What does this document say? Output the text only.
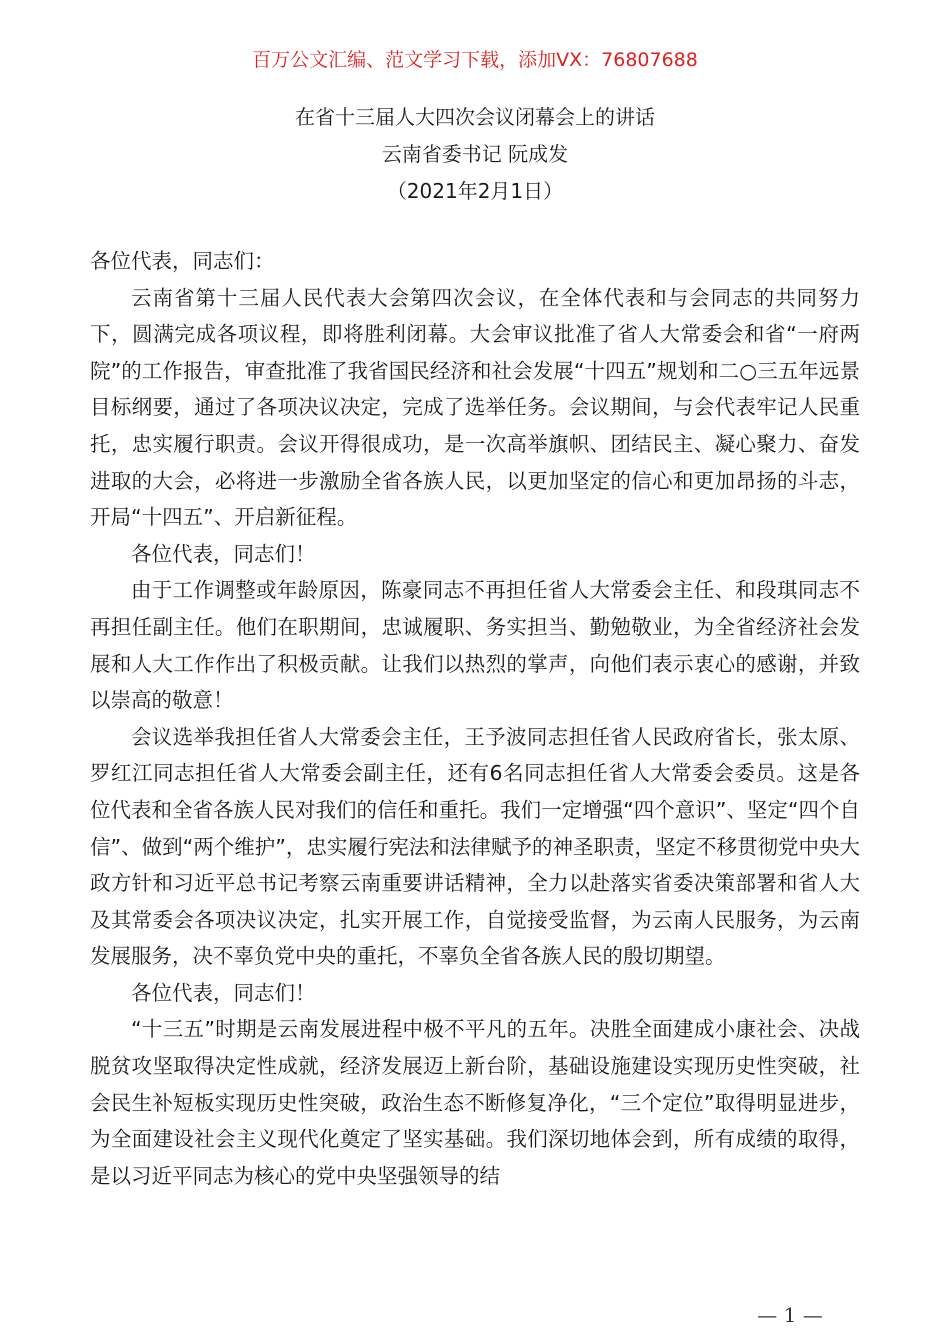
百万公文汇编、范文学习下载，添加VX：76807688
在省十三届人大四次会议闭幕会上的讲话
云南省委书记 阮成发
（2021年2月1日）

各位代表，同志们：

云南省第十三届人民代表大会第四次会议，在全体代表和与会同志的共同努力下，圆满完成各项议程，即将胜利闭幕。大会审议批准了省人大常委会和省“一府两院”的工作报告，审查批准了我省国民经济和社会发展“十四五”规划和二○三五年远景目标纲要，通过了各项决议决定，完成了选举任务。会议期间，与会代表牢记人民重托，忠实履行职责。会议开得很成功，是一次高举旗帜、团结民主、凝心聚力、奋发进取的大会，必将进一步激励全省各族人民，以更加坚定的信心和更加昂扬的斗志，开局“十四五”、开启新征程。

各位代表，同志们！

由于工作调整或年龄原因，陈豪同志不再担任省人大常委会主任、和段琪同志不再担任副主任。他们在职期间，忠诚履职、务实担当、勤勉敬业，为全省经济社会发展和人大工作作出了积极贡献。让我们以热烈的掌声，向他们表示衷心的感谢，并致以崇高的敬意！

会议选举我担任省人大常委会主任，王予波同志担任省人民政府省长，张太原、罗红江同志担任省人大常委会副主任，还有6名同志担任省人大常委会委员。这是各位代表和全省各族人民对我们的信任和重托。我们一定增强“四个意识”、坚定“四个自信”、做到“两个维护”，忠实履行宪法和法律赋予的神圣职责，坚定不移贯彻党中央大政方针和习近平总书记考察云南重要讲话精神，全力以赴落实省委决策部署和省人大及其常委会各项决议决定，扎实开展工作，自觉接受监督，为云南人民服务，为云南发展服务，决不辜负党中央的重托，不辜负全省各族人民的殷切期望。

各位代表，同志们！

“十三五”时期是云南发展进程中极不平凡的五年。决胜全面建成小康社会、决战脱贫攻坚取得决定性成就，经济发展迈上新台阶，基础设施建设实现历史性突破，社会民生补短板实现历史性突破，政治生态不断修复净化，“三个定位”取得明显进步，为全面建设社会主义现代化奠定了坚实基础。我们深切地体会到，所有成绩的取得，是以习近平同志为核心的党中央坚强领导的结

— 1 —
